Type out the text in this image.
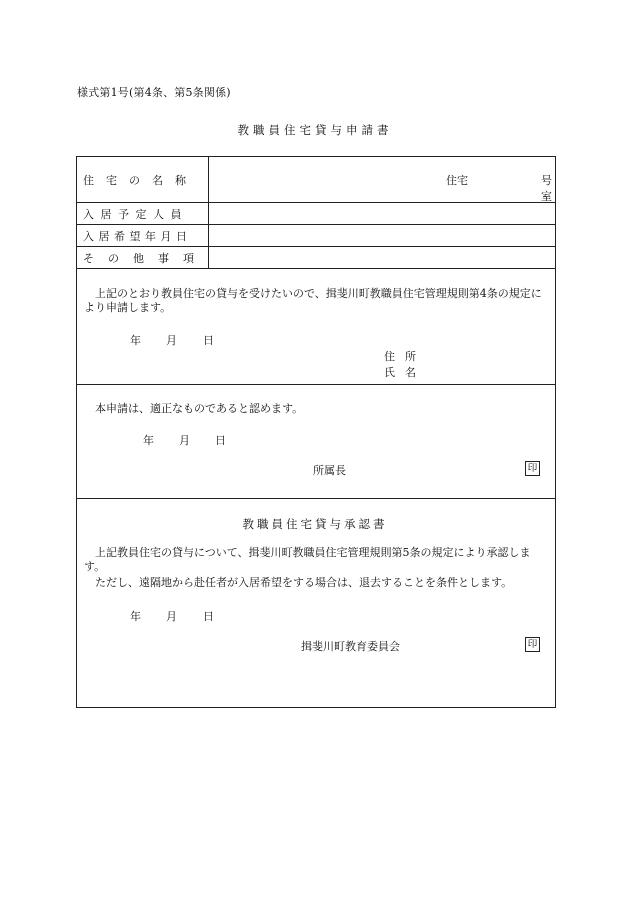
様式第1号(第4条、第5条関係)
教職員住宅貸与申請書
住宅の名称	住宅 号室

入居予定人員	
入居希望年月日	
その他事項	
上記のとおり教員住宅の貸与を受けたいので、揖斐川町教職員住宅管理規則第4条の規定により申請します。
年 月 日
住所
氏名
本申請は、適正なものであると認めます。
年 月 日
所属長	印
教職員住宅貸与承認書
上記教員住宅の貸与について、揖斐川町教職員住宅管理規則第5条の規定により承認します。
ただし、遠隔地から赴任者が入居希望をする場合は、退去することを条件とします。
年 月 日
揖斐川町教育委員会	印
